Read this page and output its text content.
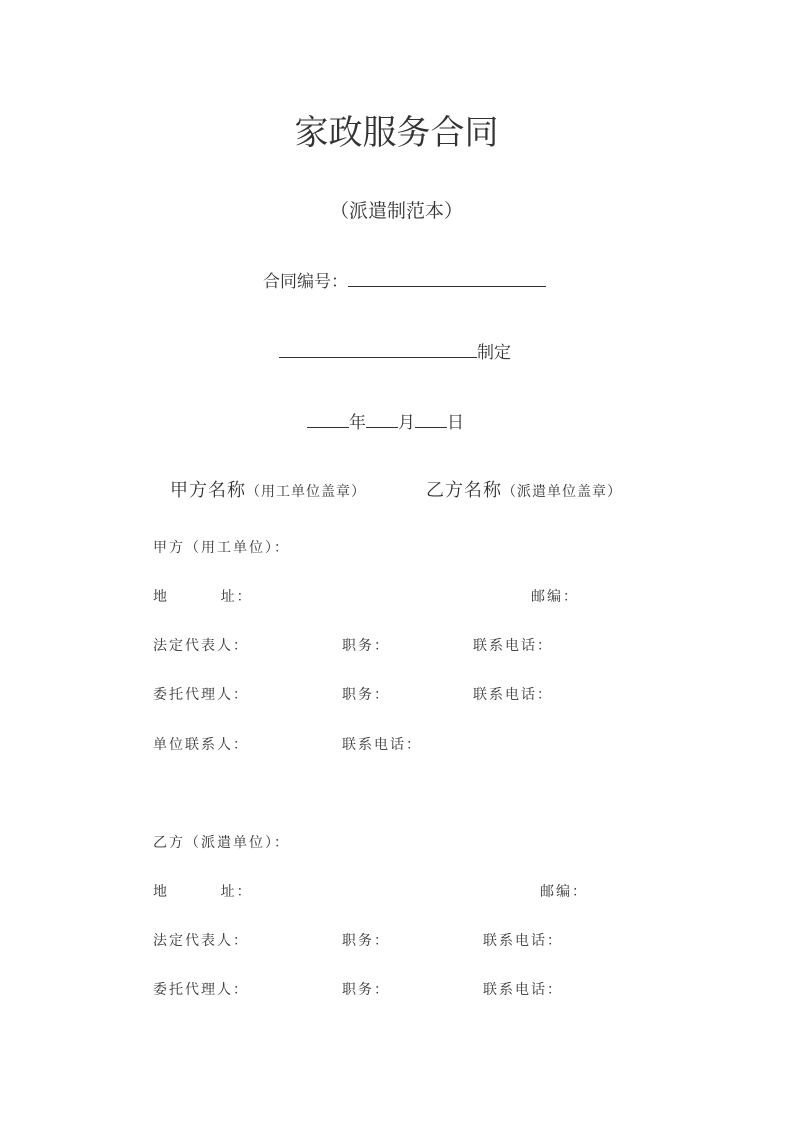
家政服务合同
（派遣制范本）
合同编号：
制定
年 月 日
甲方名称（用工单位盖章）	乙方名称（派遣单位盖章）
甲方（用工单位）：
地        址：	邮编：
法定代表人：	职务：	联系电话：
委托代理人：	职务：	联系电话：
单位联系人：	联系电话：
乙方（派遣单位）：
地        址：	邮编：
法定代表人：	职务：	联系电话：
委托代理人：	职务：	联系电话：
